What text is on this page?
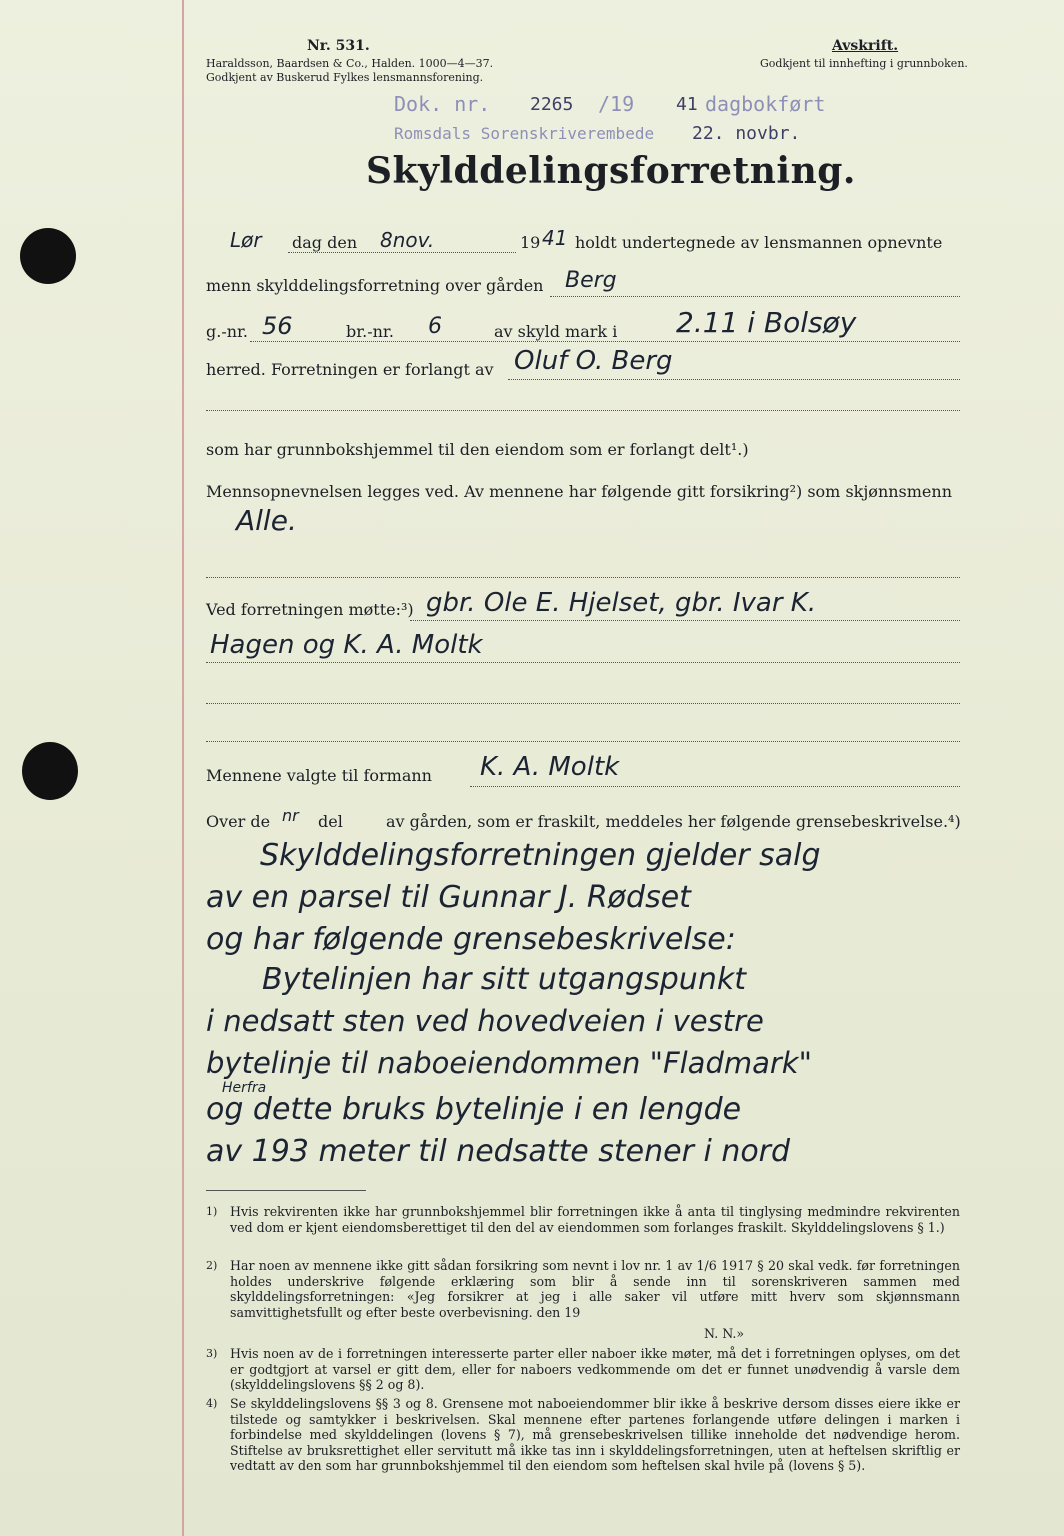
Nr. 531.
Haraldsson, Baardsen & Co., Halden. 1000—4—37.
Godkjent av Buskerud Fylkes lensmannsforening.
Avskrift.
Godkjent til innhefting i grunnboken.
Dok. nr. 2265 /19 41 dagbokført
Romsdals Sorenskriverembede 22. novbr.
Skylddelingsforretning.
Lør dag den 8nov.	19 41 holdt undertegnede av lensmannen opnevnte
menn skylddelingsforretning over gården Berg
g.-nr. 56	br.-nr. 6	av skyld mark i 2.11 i Bolsøy
herred. Forretningen er forlangt av Oluf O. Berg
som har grunnbokshjemmel til den eiendom som er forlangt delt¹.)
Mennsopnevnelsen legges ved. Av mennene har følgende gitt forsikring²) som skjønnsmenn
Alle.
Ved forretningen møtte:³) gbr. Ole E. Hjelset, gbr. Ivar K.
Hagen og K. A. Moltk
Mennene valgte til formann K. A. Moltk
Over de nr del	av gården, som er fraskilt, meddeles her følgende grensebeskrivelse.⁴)
Skylddelingsforretningen gjelder salg
av en parsel til Gunnar J. Rødset
og har følgende grensebeskrivelse:
Bytelinjen har sitt utgangspunkt
i nedsatt sten ved hovedveien i vestre
bytelinje til naboeiendommen "Fladmark"
Herfra
og dette bruks bytelinje i en lengde
av 193 meter til nedsatte stener i nord
1) Hvis rekvirenten ikke har grunnbokshjemmel blir forretningen ikke å anta til tinglysing medmindre rekvirenten ved dom er kjent eiendomsberettiget til den del av eiendommen som forlanges fraskilt. Skylddelingslovens § 1.)
2) Har noen av mennene ikke gitt sådan forsikring som nevnt i lov nr. 1 av 1/6 1917 § 20 skal vedk. før forretningen holdes underskrive følgende erklæring som blir å sende inn til sorenskriveren sammen med skylddelingsforretningen: «Jeg forsikrer at jeg i alle saker vil utføre mitt hverv som skjønnsmann samvittighetsfullt og efter beste overbevisning. den 19
N. N.»
3) Hvis noen av de i forretningen interesserte parter eller naboer ikke møter, må det i forretningen oplyses, om det er godtgjort at varsel er gitt dem, eller for naboers vedkommende om det er funnet unødvendig å varsle dem (skylddelingslovens §§ 2 og 8).
4) Se skylddelingslovens §§ 3 og 8. Grensene mot naboeiendommer blir ikke å beskrive dersom disses eiere ikke er tilstede og samtykker i beskrivelsen. Skal mennene efter partenes forlangende utføre delingen i marken i forbindelse med skylddelingen (lovens § 7), må grensebeskrivelsen tillike inneholde det nødvendige herom. Stiftelse av bruksrettighet eller servitutt må ikke tas inn i skylddelingsforretningen, uten at heftelsen skriftlig er vedtatt av den som har grunnbokshjemmel til den eiendom som heftelsen skal hvile på (lovens § 5).
